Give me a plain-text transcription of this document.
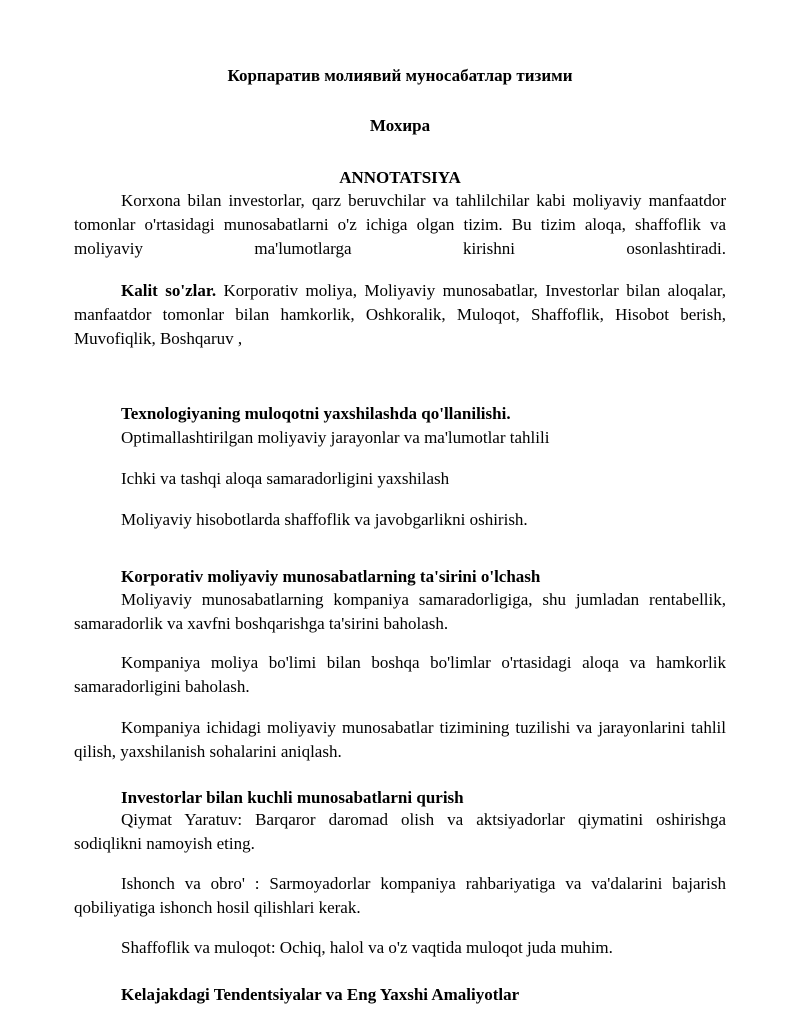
Корпаратив молиявий муносабатлар тизими
Мохира
ANNOTATSIYA
Korxona bilan investorlar, qarz beruvchilar va tahlilchilar kabi moliyaviy manfaatdor tomonlar o'rtasidagi munosabatlarni o'z ichiga olgan tizim. Bu tizim aloqa, shaffoflik va moliyaviy ma'lumotlarga kirishni osonlashtiradi.
Kalit so'zlar. Korporativ moliya, Moliyaviy munosabatlar, Investorlar bilan aloqalar, manfaatdor tomonlar bilan hamkorlik, Oshkoralik, Muloqot, Shaffoflik, Hisobot berish, Muvofiqlik, Boshqaruv ,
Texnologiyaning muloqotni yaxshilashda qo'llanilishi.
Optimallashtirilgan moliyaviy jarayonlar va ma'lumotlar tahlili
Ichki va tashqi aloqa samaradorligini yaxshilash
Moliyaviy hisobotlarda shaffoflik va javobgarlikni oshirish.
Korporativ moliyaviy munosabatlarning ta'sirini o'lchash
Moliyaviy munosabatlarning kompaniya samaradorligiga, shu jumladan rentabellik, samaradorlik va xavfni boshqarishga ta'sirini baholash.
Kompaniya moliya bo'limi bilan boshqa bo'limlar o'rtasidagi aloqa va hamkorlik samaradorligini baholash.
Kompaniya ichidagi moliyaviy munosabatlar tizimining tuzilishi va jarayonlarini tahlil qilish, yaxshilanish sohalarini aniqlash.
Investorlar bilan kuchli munosabatlarni qurish
Qiymat Yaratuv: Barqaror daromad olish va aktsiyadorlar qiymatini oshirishga sodiqlikni namoyish eting.
Ishonch va obro' : Sarmoyadorlar kompaniya rahbariyatiga va va'dalarini bajarish qobiliyatiga ishonch hosil qilishlari kerak.
Shaffoflik va muloqot: Ochiq, halol va o'z vaqtida muloqot juda muhim.
Kelajakdagi Tendentsiyalar va Eng Yaxshi Amaliyotlar
